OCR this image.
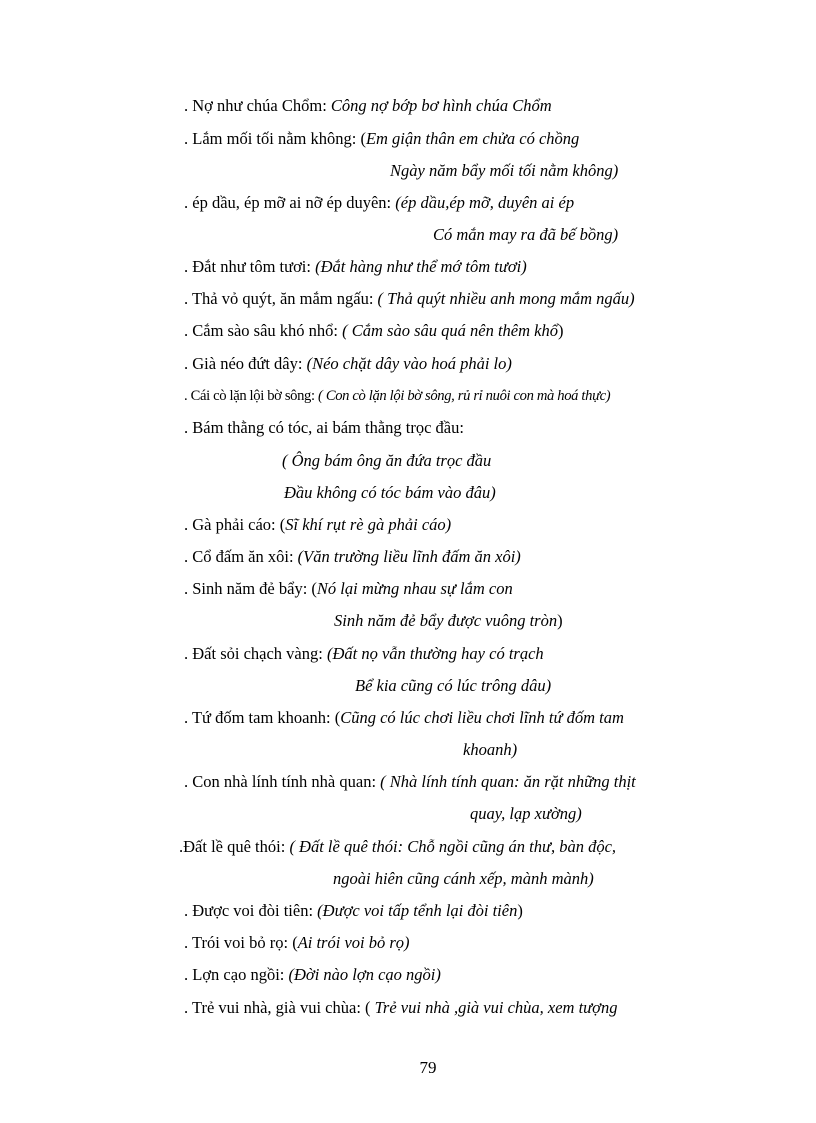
. Nợ như chúa Chổm: Công nợ bớp bơ hình chúa Chổm
. Lắm mối tối nằm không: (Em giận thân em chửa có chồng
Ngày năm bẩy mối tối nằm không)
. ép dầu, ép mỡ ai nỡ ép duyên: (ép dầu,ép mỡ, duyên ai ép
Có mắn may ra đã bế bồng)
. Đắt như tôm tươi: (Đắt hàng như thể mớ tôm tươi)
. Thả vỏ quýt, ăn mắm ngấu: ( Thả quýt nhiều anh mong mắm ngấu)
. Cắm sào sâu khó nhổ: ( Cắm sào sâu quá nên thêm khổ)
. Già néo đứt dây: (Néo chặt dây vào hoá phải lo)
. Cái cò lặn lội bờ sông: ( Con cò lặn lội bờ sông, rủ rỉ nuôi con mà hoá thực)
. Bám thằng có tóc, ai bám thằng trọc đầu:
( Ông bám ông ăn đứa trọc đầu
Đầu không có tóc bám vào đâu)
. Gà phải cáo: (Sĩ khí rụt rè gà phải cáo)
. Cổ đấm ăn xôi: (Văn trường liều lĩnh đấm ăn xôi)
. Sinh năm đẻ bẩy: (Nó lại mừng nhau sự lắm con
Sinh năm đẻ bẩy được vuông tròn)
. Đất sỏi chạch vàng: (Đất nọ vẫn thường hay có trạch
Bể kia cũng có lúc trông dâu)
. Tứ đốm tam khoanh: (Cũng có lúc chơi liều chơi lĩnh tứ đốm tam
khoanh)
. Con nhà lính tính nhà quan: ( Nhà lính tính quan: ăn rặt những thịt
quay, lạp xường)
.Đất lề quê thói: ( Đất lề quê thói: Chỗ ngồi cũng án thư, bàn độc,
ngoài hiên cũng cánh xếp, mành mành)
. Được voi đòi tiên: (Được voi tấp tểnh lại đòi tiên)
. Trói voi bỏ rọ: (Ai trói voi bỏ rọ)
. Lợn cạo ngồi: (Đời nào lợn cạo ngồi)
. Trẻ vui nhà, già vui chùa: ( Trẻ vui nhà ,già vui chùa, xem tượng
79
